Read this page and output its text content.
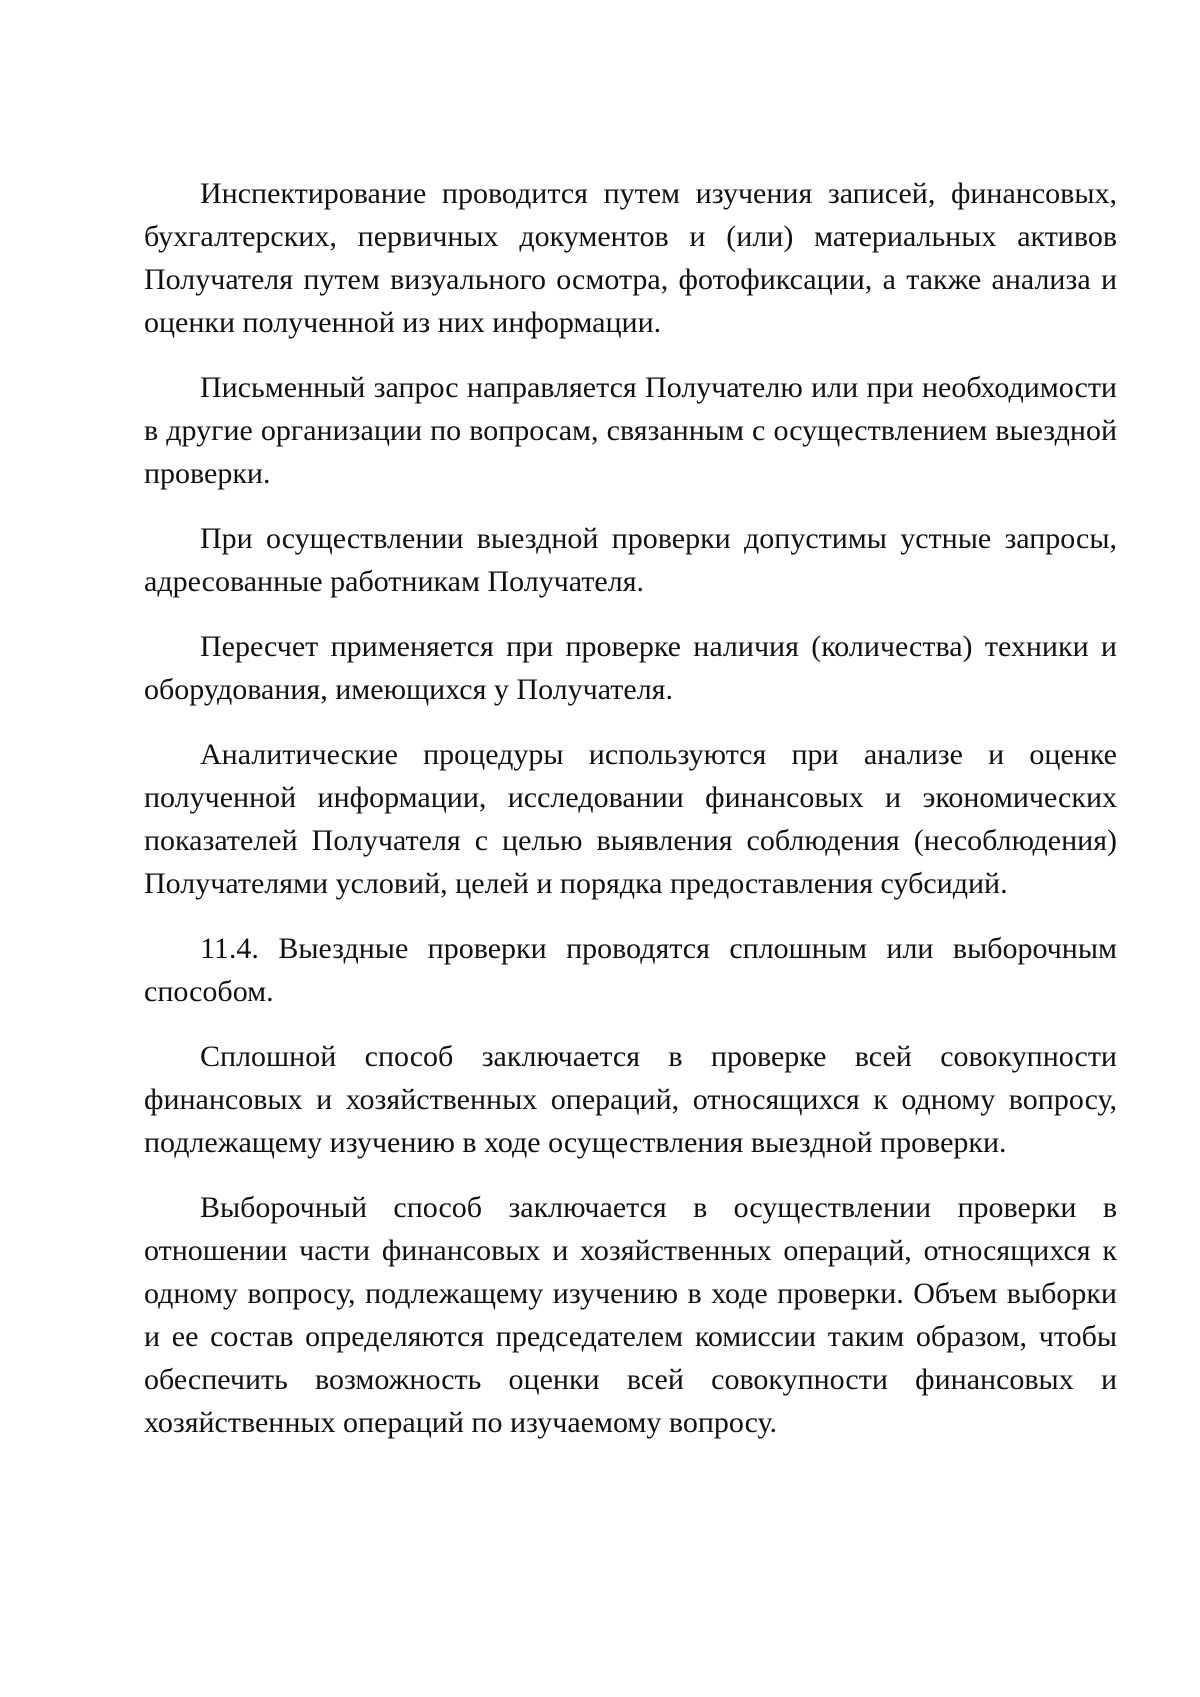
Инспектирование проводится путем изучения записей, финансовых, бухгалтерских, первичных документов и (или) материальных активов Получателя путем визуального осмотра, фотофиксации, а также анализа и оценки полученной из них информации.

Письменный запрос направляется Получателю или при необходимости в другие организации по вопросам, связанным с осуществлением выездной проверки.

При осуществлении выездной проверки допустимы устные запросы, адресованные работникам Получателя.

Пересчет применяется при проверке наличия (количества) техники и оборудования, имеющихся у Получателя.

Аналитические процедуры используются при анализе и оценке полученной информации, исследовании финансовых и экономических показателей Получателя с целью выявления соблюдения (несоблюдения) Получателями условий, целей и порядка предоставления субсидий.

11.4. Выездные проверки проводятся сплошным или выборочным способом.

Сплошной способ заключается в проверке всей совокупности финансовых и хозяйственных операций, относящихся к одному вопросу, подлежащему изучению в ходе осуществления выездной проверки.

Выборочный способ заключается в осуществлении проверки в отношении части финансовых и хозяйственных операций, относящихся к одному вопросу, подлежащему изучению в ходе проверки. Объем выборки и ее состав определяются председателем комиссии таким образом, чтобы обеспечить возможность оценки всей совокупности финансовых и хозяйственных операций по изучаемому вопросу.
